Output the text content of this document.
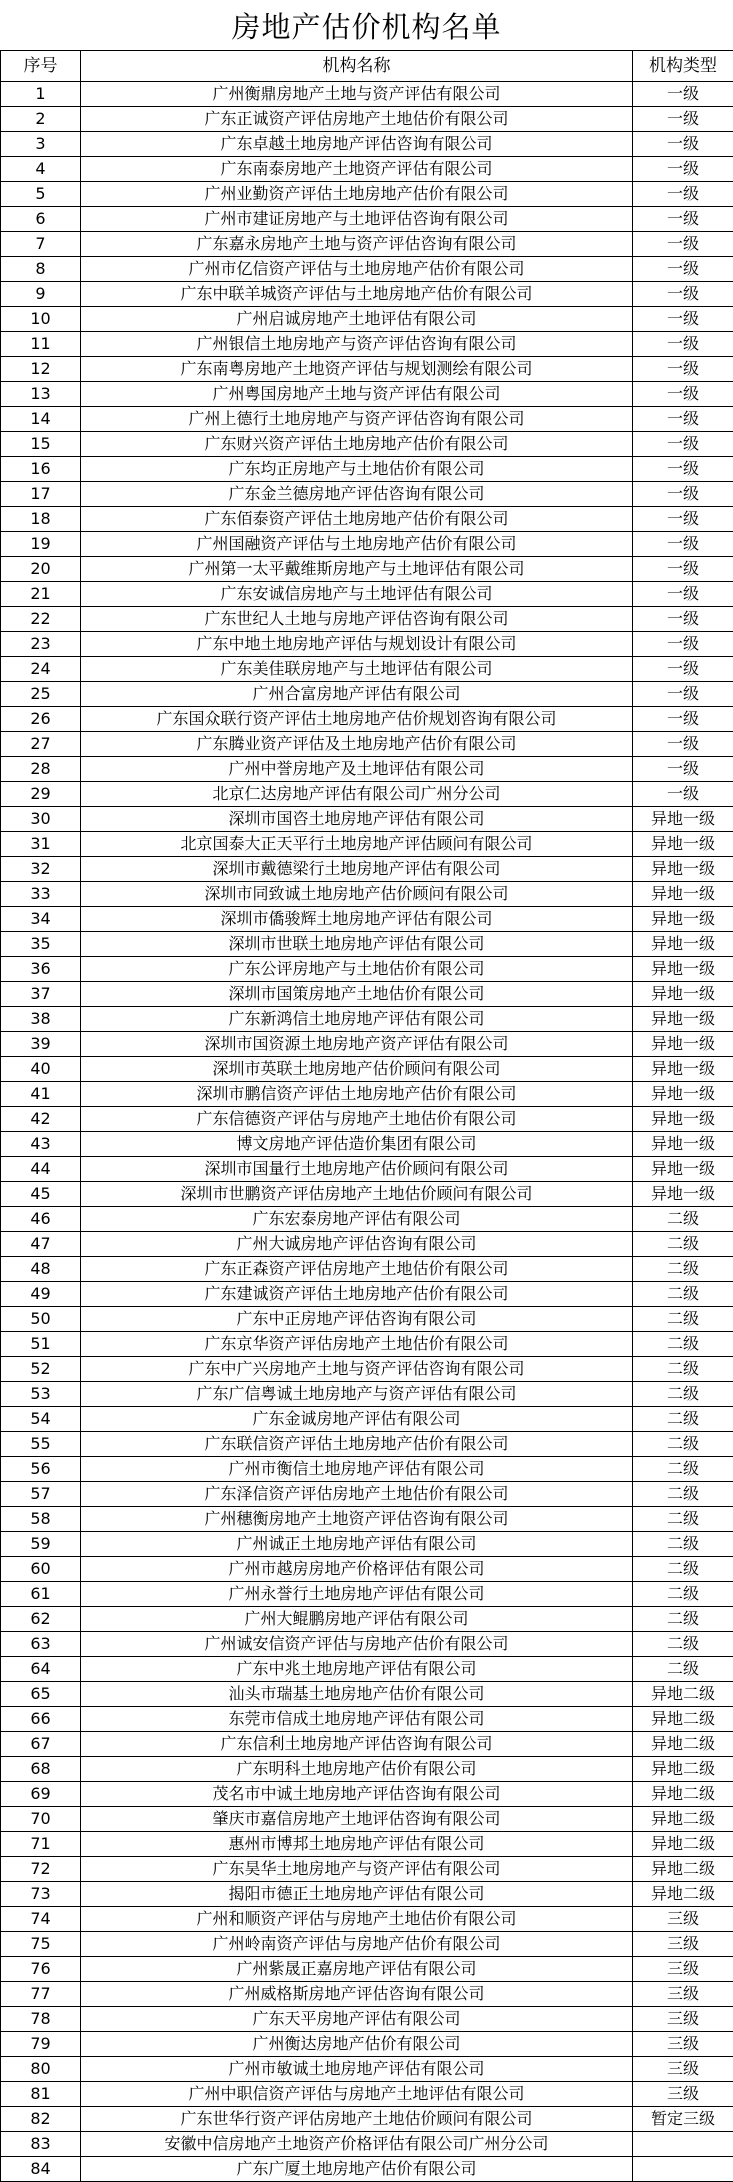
房地产估价机构名单
序号	机构名称	机构类型
1	广州衡鼎房地产土地与资产评估有限公司	一级
2	广东正诚资产评估房地产土地估价有限公司	一级
3	广东卓越土地房地产评估咨询有限公司	一级
4	广东南泰房地产土地资产评估有限公司	一级
5	广州业勤资产评估土地房地产估价有限公司	一级
6	广州市建证房地产与土地评估咨询有限公司	一级
7	广东嘉永房地产土地与资产评估咨询有限公司	一级
8	广州市亿信资产评估与土地房地产估价有限公司	一级
9	广东中联羊城资产评估与土地房地产估价有限公司	一级
10	广州启诚房地产土地评估有限公司	一级
11	广州银信土地房地产与资产评估咨询有限公司	一级
12	广东南粤房地产土地资产评估与规划测绘有限公司	一级
13	广州粤国房地产土地与资产评估有限公司	一级
14	广州上德行土地房地产与资产评估咨询有限公司	一级
15	广东财兴资产评估土地房地产估价有限公司	一级
16	广东均正房地产与土地估价有限公司	一级
17	广东金兰德房地产评估咨询有限公司	一级
18	广东佰泰资产评估土地房地产估价有限公司	一级
19	广州国融资产评估与土地房地产估价有限公司	一级
20	广州第一太平戴维斯房地产与土地评估有限公司	一级
21	广东安诚信房地产与土地评估有限公司	一级
22	广东世纪人土地与房地产评估咨询有限公司	一级
23	广东中地土地房地产评估与规划设计有限公司	一级
24	广东美佳联房地产与土地评估有限公司	一级
25	广州合富房地产评估有限公司	一级
26	广东国众联行资产评估土地房地产估价规划咨询有限公司	一级
27	广东腾业资产评估及土地房地产估价有限公司	一级
28	广州中誉房地产及土地评估有限公司	一级
29	北京仁达房地产评估有限公司广州分公司	一级
30	深圳市国咨土地房地产评估有限公司	异地一级
31	北京国泰大正天平行土地房地产评估顾问有限公司	异地一级
32	深圳市戴德梁行土地房地产评估有限公司	异地一级
33	深圳市同致诚土地房地产估价顾问有限公司	异地一级
34	深圳市僑骏辉土地房地产评估有限公司	异地一级
35	深圳市世联土地房地产评估有限公司	异地一级
36	广东公评房地产与土地估价有限公司	异地一级
37	深圳市国策房地产土地估价有限公司	异地一级
38	广东新鸿信土地房地产评估有限公司	异地一级
39	深圳市国资源土地房地产资产评估有限公司	异地一级
40	深圳市英联土地房地产估价顾问有限公司	异地一级
41	深圳市鹏信资产评估土地房地产估价有限公司	异地一级
42	广东信德资产评估与房地产土地估价有限公司	异地一级
43	博文房地产评估造价集团有限公司	异地一级
44	深圳市国量行土地房地产估价顾问有限公司	异地一级
45	深圳市世鹏资产评估房地产土地估价顾问有限公司	异地一级
46	广东宏泰房地产评估有限公司	二级
47	广州大诚房地产评估咨询有限公司	二级
48	广东正森资产评估房地产土地估价有限公司	二级
49	广东建诚资产评估土地房地产估价有限公司	二级
50	广东中正房地产评估咨询有限公司	二级
51	广东京华资产评估房地产土地估价有限公司	二级
52	广东中广兴房地产土地与资产评估咨询有限公司	二级
53	广东广信粤诚土地房地产与资产评估有限公司	二级
54	广东金诚房地产评估有限公司	二级
55	广东联信资产评估土地房地产估价有限公司	二级
56	广州市衡信土地房地产评估有限公司	二级
57	广东泽信资产评估房地产土地估价有限公司	二级
58	广州穗衡房地产土地资产评估咨询有限公司	二级
59	广州诚正土地房地产评估有限公司	二级
60	广州市越房房地产价格评估有限公司	二级
61	广州永誉行土地房地产评估有限公司	二级
62	广州大鲲鹏房地产评估有限公司	二级
63	广州诚安信资产评估与房地产估价有限公司	二级
64	广东中兆土地房地产评估有限公司	二级
65	汕头市瑞基土地房地产估价有限公司	异地二级
66	东莞市信成土地房地产评估有限公司	异地二级
67	广东信利土地房地产评估咨询有限公司	异地二级
68	广东明科土地房地产估价有限公司	异地二级
69	茂名市中诚土地房地产评估咨询有限公司	异地二级
70	肇庆市嘉信房地产土地评估咨询有限公司	异地二级
71	惠州市博邦土地房地产评估有限公司	异地二级
72	广东昊华土地房地产与资产评估有限公司	异地二级
73	揭阳市德正土地房地产评估有限公司	异地二级
74	广州和顺资产评估与房地产土地估价有限公司	三级
75	广州岭南资产评估与房地产估价有限公司	三级
76	广州紫晟正嘉房地产评估有限公司	三级
77	广州威格斯房地产评估咨询有限公司	三级
78	广东天平房地产评估有限公司	三级
79	广州衡达房地产估价有限公司	三级
80	广州市敏诚土地房地产评估有限公司	三级
81	广州中职信资产评估与房地产土地评估有限公司	三级
82	广东世华行资产评估房地产土地估价顾问有限公司	暂定三级
83	安徽中信房地产土地资产价格评估有限公司广州分公司	
84	广东广厦土地房地产估价有限公司	
